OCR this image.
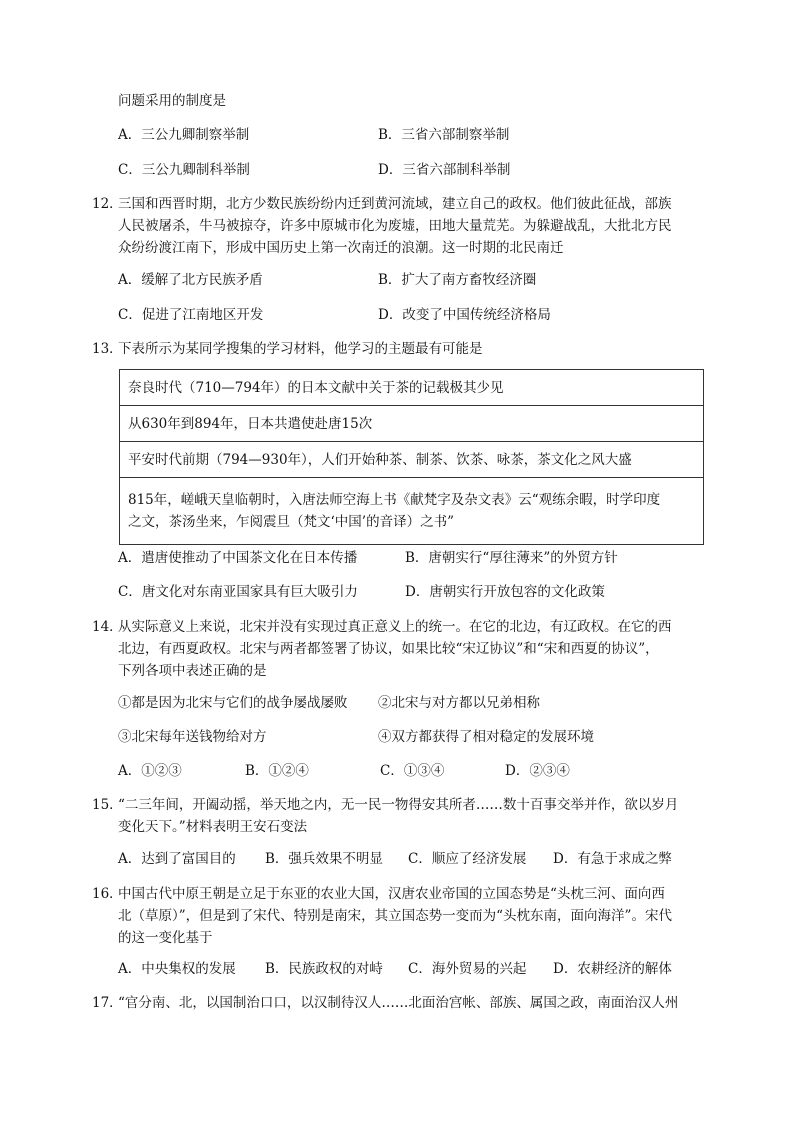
问题采用的制度是
A．三公九卿制察举制	B．三省六部制察举制
C．三公九卿制科举制	D．三省六部制科举制
12．
三国和西晋时期，北方少数民族纷纷内迁到黄河流域，建立自己的政权。他们彼此征战，部族
人民被屠杀，牛马被掠夺，许多中原城市化为废墟，田地大量荒芜。为躲避战乱，大批北方民
众纷纷渡江南下，形成中国历史上第一次南迁的浪潮。这一时期的北民南迁
A．缓解了北方民族矛盾	B．扩大了南方畜牧经济圈
C．促进了江南地区开发	D．改变了中国传统经济格局
13．
下表所示为某同学搜集的学习材料，他学习的主题最有可能是
奈良时代（710—794年）的日本文献中关于茶的记载极其少见
从630年到894年，日本共遣使赴唐15次
平安时代前期（794—930年），人们开始种茶、制茶、饮茶、咏茶，茶文化之风大盛

815年，嵯峨天皇临朝时，入唐法师空海上书《献梵字及杂文表》云“观练余暇，时学印度
之文，茶汤坐来，乍阅震旦（梵文‘中国’的音译）之书”
A．遣唐使推动了中国茶文化在日本传播	B．唐朝实行“厚往薄来”的外贸方针
C．唐文化对东南亚国家具有巨大吸引力	D．唐朝实行开放包容的文化政策
14．
从实际意义上来说，北宋并没有实现过真正意义上的统一。在它的北边，有辽政权。在它的西
北边，有西夏政权。北宋与两者都签署了协议，如果比较“宋辽协议”和“宋和西夏的协议”，
下列各项中表述正确的是
①都是因为北宋与它们的战争屡战屡败 ②北宋与对方都以兄弟相称
③北宋每年送钱物给对方	④双方都获得了相对稳定的发展环境
A．①②③	B．①②④	C．①③④	D．②③④
15．
“二三年间，开阖动摇，举天地之内，无一民一物得安其所者……数十百事交举并作，欲以岁月
变化天下。”材料表明王安石变法
A．达到了富国目的 B．强兵效果不明显 C．顺应了经济发展 D．有急于求成之弊
16．
中国古代中原王朝是立足于东亚的农业大国，汉唐农业帝国的立国态势是“头枕三河、面向西
北（草原）”，但是到了宋代、特别是南宋，其立国态势一变而为“头枕东南，面向海洋”。宋代
的这一变化基于
A．中央集权的发展 B．民族政权的对峙 C．海外贸易的兴起 D．农耕经济的解体
17．
“官分南、北，以国制治口口，以汉制待汉人……北面治宫帐、部族、属国之政，南面治汉人州
